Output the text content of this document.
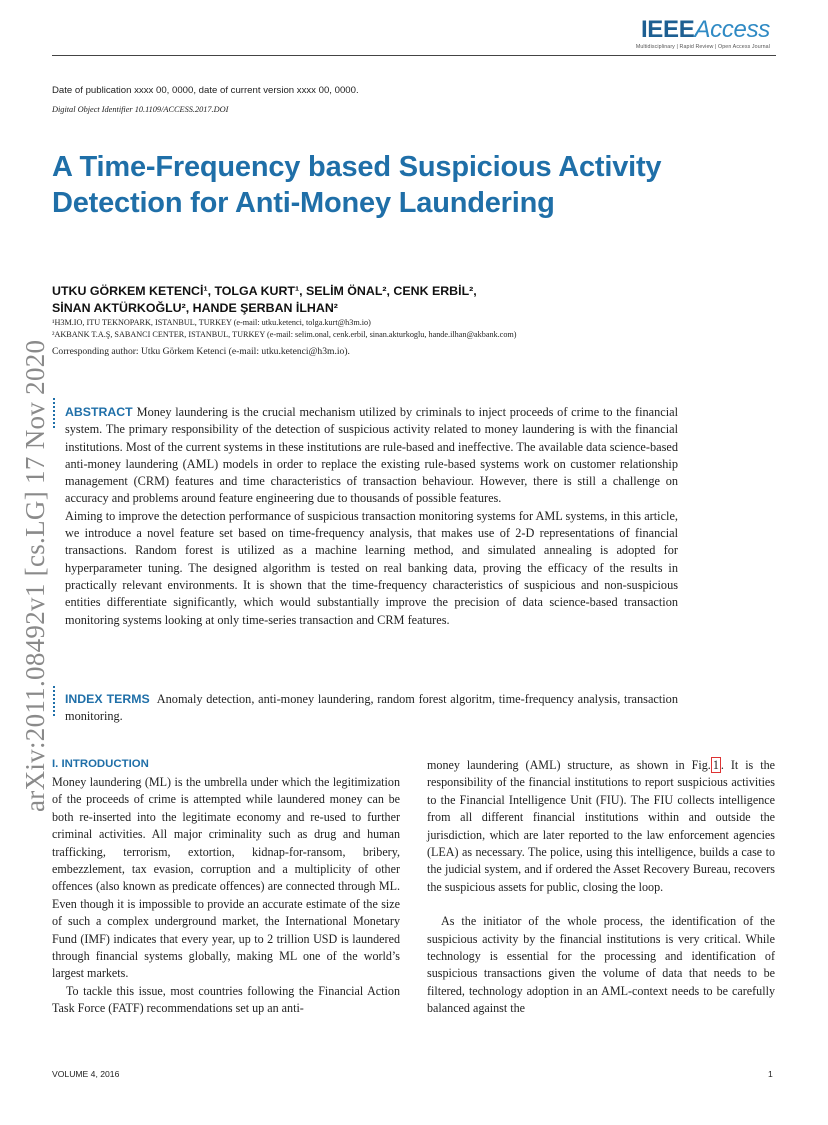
IEEEAccess
Multidisciplinary | Rapid Review | Open Access Journal
Date of publication xxxx 00, 0000, date of current version xxxx 00, 0000.
Digital Object Identifier 10.1109/ACCESS.2017.DOI
A Time-Frequency based Suspicious Activity Detection for Anti-Money Laundering
UTKU GÖRKEM KETENCİ¹, TOLGA KURT¹, SELİM ÖNAL², CENK ERBİL²,
SİNAN AKTÜRKOĞLU², HANDE ŞERBAN İLHAN²
¹H3M.IO, ITU TEKNOPARK, ISTANBUL, TURKEY (e-mail: utku.ketenci, tolga.kurt@h3m.io)
²AKBANK T.A.Ş, SABANCI CENTER, ISTANBUL, TURKEY (e-mail: selim.onal, cenk.erbil, sinan.akturkoglu, hande.ilhan@akbank.com)
Corresponding author: Utku Görkem Ketenci (e-mail: utku.ketenci@h3m.io).
arXiv:2011.08492v1 [cs.LG] 17 Nov 2020 ABSTRACT Money laundering is the crucial mechanism utilized by criminals to inject proceeds of crime to the financial system. The primary responsibility of the detection of suspicious activity related to money laundering is with the financial institutions. Most of the current systems in these institutions are rule-based and ineffective. The available data science-based anti-money laundering (AML) models in order to replace the existing rule-based systems work on customer relationship management (CRM) features and time characteristics of transaction behaviour. However, there is still a challenge on accuracy and problems around feature engineering due to thousands of possible features.

Aiming to improve the detection performance of suspicious transaction monitoring systems for AML systems, in this article, we introduce a novel feature set based on time-frequency analysis, that makes use of 2-D representations of financial transactions. Random forest is utilized as a machine learning method, and simulated annealing is adopted for hyperparameter tuning. The designed algorithm is tested on real banking data, proving the efficacy of the results in practically relevant environments. It is shown that the time-frequency characteristics of suspicious and non-suspicious entities differentiate significantly, which would substantially improve the precision of data science-based transaction monitoring systems looking at only time-series transaction and CRM features.

INDEX TERMS Anomaly detection, anti-money laundering, random forest algoritm, time-frequency analysis, transaction monitoring.
I. INTRODUCTION

Money laundering (ML) is the umbrella under which the legitimization of the proceeds of crime is attempted while laundered money can be both re-inserted into the legitimate economy and re-used to further criminal activities. All major criminality such as drug and human trafficking, terrorism, extortion, kidnap-for-ransom, bribery, embezzlement, tax evasion, corruption and a multiplicity of other offences (also known as predicate offences) are connected through ML. Even though it is impossible to provide an accurate estimate of the size of such a complex underground market, the International Monetary Fund (IMF) indicates that every year, up to 2 trillion USD is laundered through financial systems globally, making ML one of the world’s largest markets.

To tackle this issue, most countries following the Financial Action Task Force (FATF) recommendations set up an anti-

money laundering (AML) structure, as shown in Fig. 1 . It is the responsibility of the financial institutions to report suspicious activities to the Financial Intelligence Unit (FIU). The FIU collects intelligence from all different financial institutions within and outside the jurisdiction, which are later reported to the law enforcement agencies (LEA) as necessary. The police, using this intelligence, builds a case to the judicial system, and if ordered the Asset Recovery Bureau, recovers the suspicious assets for public, closing the loop.

As the initiator of the whole process, the identification of the suspicious activity by the financial institutions is very critical. While technology is essential for the processing and identification of suspicious transactions given the volume of data that needs to be filtered, technology adoption in an AML-context needs to be carefully balanced against the

VOLUME 4, 2016	1
